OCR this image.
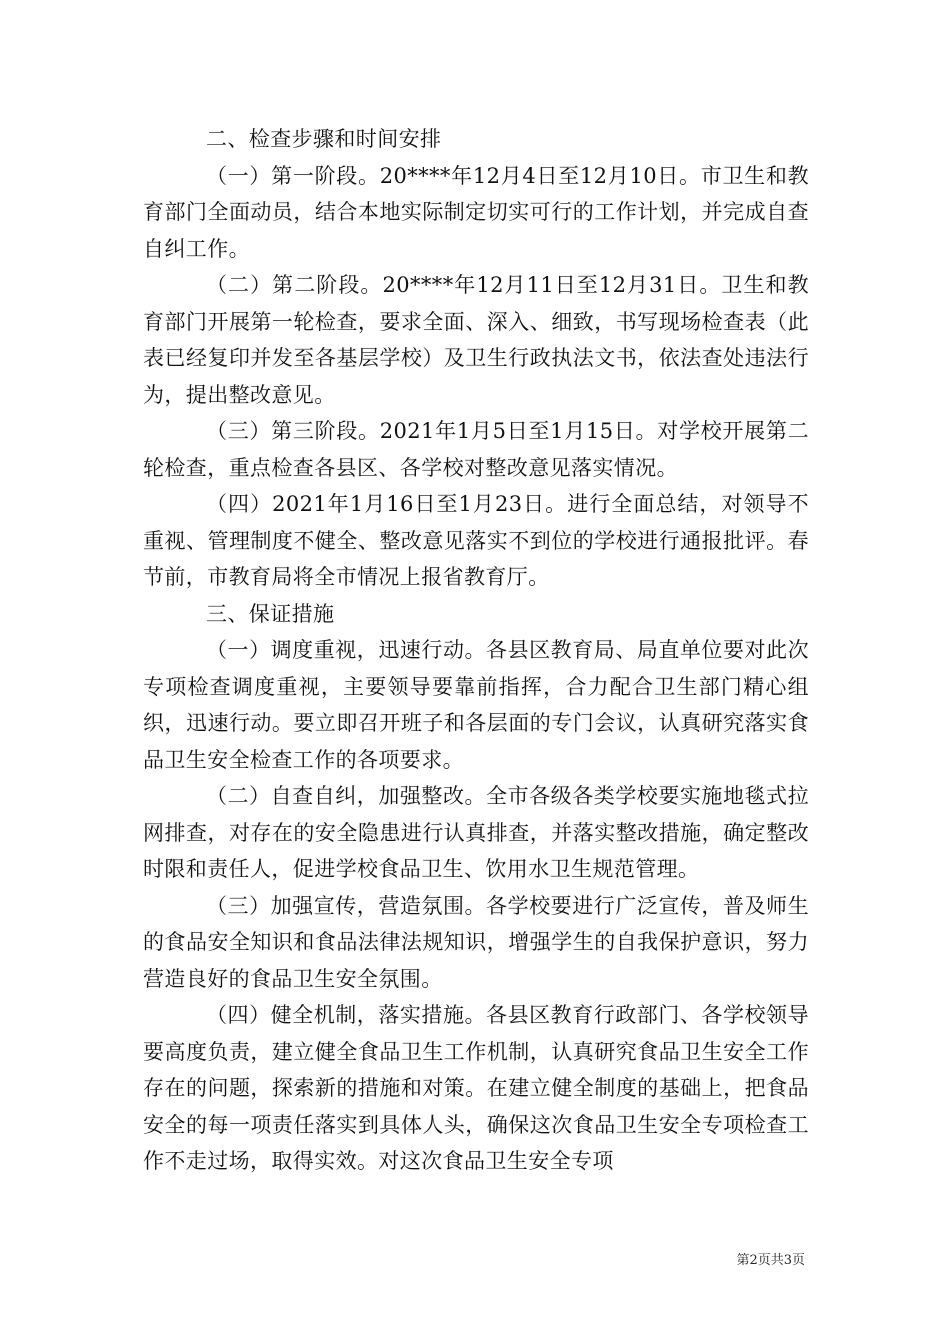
二、检查步骤和时间安排

（一）第一阶段。20****年12月4日至12月10日。市卫生和教育部门全面动员，结合本地实际制定切实可行的工作计划，并完成自查自纠工作。

（二）第二阶段。20****年12月11日至12月31日。卫生和教育部门开展第一轮检查，要求全面、深入、细致，书写现场检查表（此表已经复印并发至各基层学校）及卫生行政执法文书，依法查处违法行为，提出整改意见。

（三）第三阶段。2021年1月5日至1月15日。对学校开展第二轮检查，重点检查各县区、各学校对整改意见落实情况。

（四）2021年1月16日至1月23日。进行全面总结，对领导不重视、管理制度不健全、整改意见落实不到位的学校进行通报批评。春节前，市教育局将全市情况上报省教育厅。

三、保证措施

（一）调度重视，迅速行动。各县区教育局、局直单位要对此次专项检查调度重视，主要领导要靠前指挥，合力配合卫生部门精心组织，迅速行动。要立即召开班子和各层面的专门会议，认真研究落实食品卫生安全检查工作的各项要求。

（二）自查自纠，加强整改。全市各级各类学校要实施地毯式拉网排查，对存在的安全隐患进行认真排查，并落实整改措施，确定整改时限和责任人，促进学校食品卫生、饮用水卫生规范管理。

（三）加强宣传，营造氛围。各学校要进行广泛宣传，普及师生的食品安全知识和食品法律法规知识，增强学生的自我保护意识，努力营造良好的食品卫生安全氛围。

（四）健全机制，落实措施。各县区教育行政部门、各学校领导要高度负责，建立健全食品卫生工作机制，认真研究食品卫生安全工作存在的问题，探索新的措施和对策。在建立健全制度的基础上，把食品安全的每一项责任落实到具体人头，确保这次食品卫生安全专项检查工作不走过场，取得实效。对这次食品卫生安全专项

第2页共3页
